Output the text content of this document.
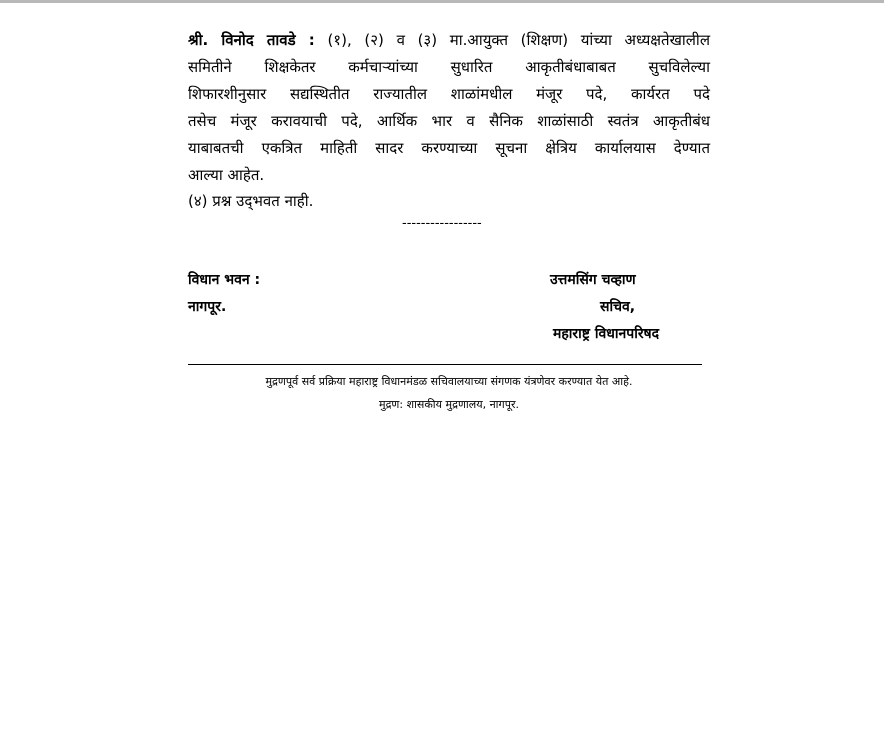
श्री. विनोद तावडे : (१), (२) व (३) मा.आयुक्त (शिक्षण) यांच्या अध्यक्षतेखालील
समितीने शिक्षकेतर कर्मचाऱ्यांच्या सुधारित आकृतीबंधाबाबत सुचविलेल्या
शिफारशीनुसार सद्यस्थितीत राज्यातील शाळांमधील मंजूर पदे, कार्यरत पदे
तसेच मंजूर करावयाची पदे, आर्थिक भार व सैनिक शाळांसाठी स्वतंत्र आकृतीबंध
याबाबतची एकत्रित माहिती सादर करण्याच्या सूचना क्षेत्रिय कार्यालयास देण्यात
आल्या आहेत.
(४) प्रश्न उद्‌भवत नाही.
-----------------
विधान भवन :
नागपूर.
उत्तमसिंग चव्हाण
सचिव,
महाराष्ट्र विधानपरिषद
मुद्रणपूर्व सर्व प्रक्रिया महाराष्ट्र विधानमंडळ सचिवालयाच्या संगणक यंत्रणेवर करण्यात येत आहे.
मुद्रण: शासकीय मुद्रणालय, नागपूर.
